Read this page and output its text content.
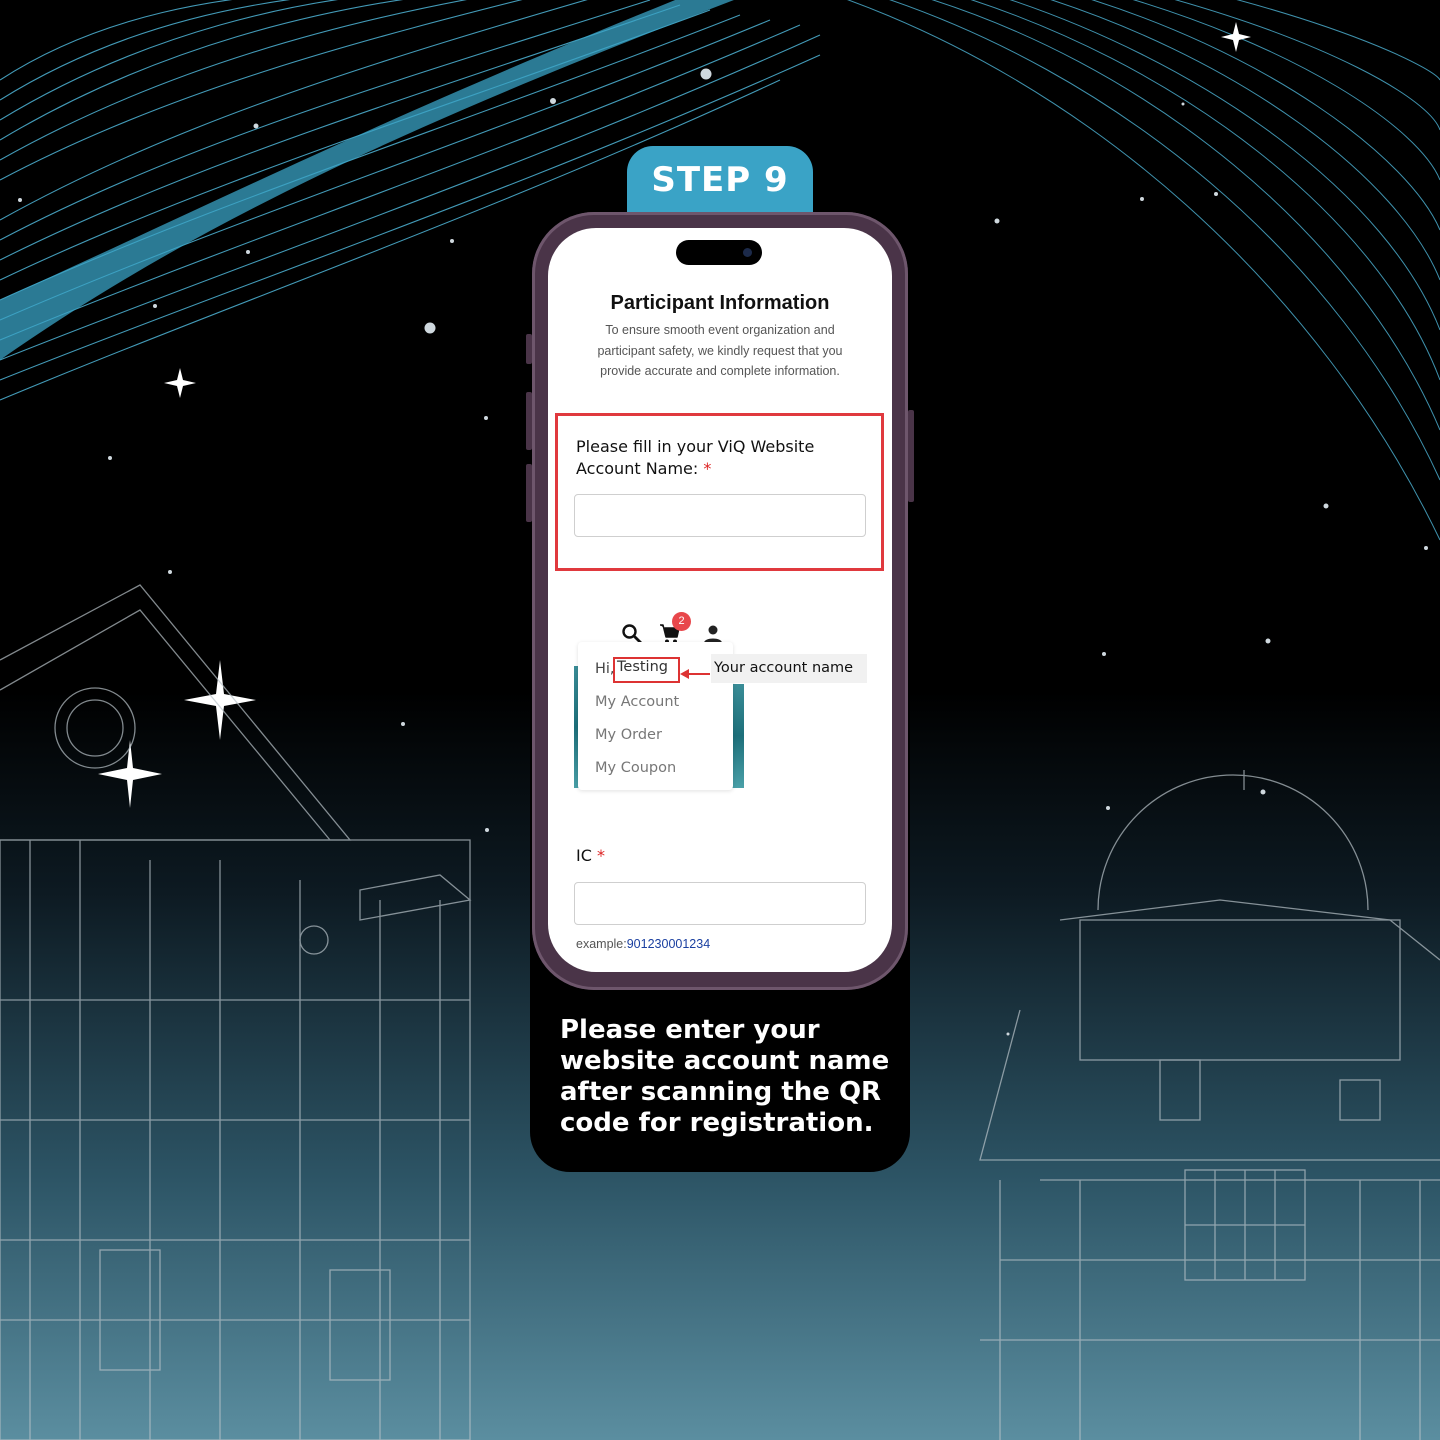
STEP 9
Please enter your website account name after scanning the QR code for registration.
Participant Information
To ensure smooth event organization and participant safety, we kindly request that you provide accurate and complete information.
Please fill in your ViQ Website Account Name: *
2
Hi,
My Account
My Order
My Coupon
Testing	Your account name
IC *
example:901230001234
